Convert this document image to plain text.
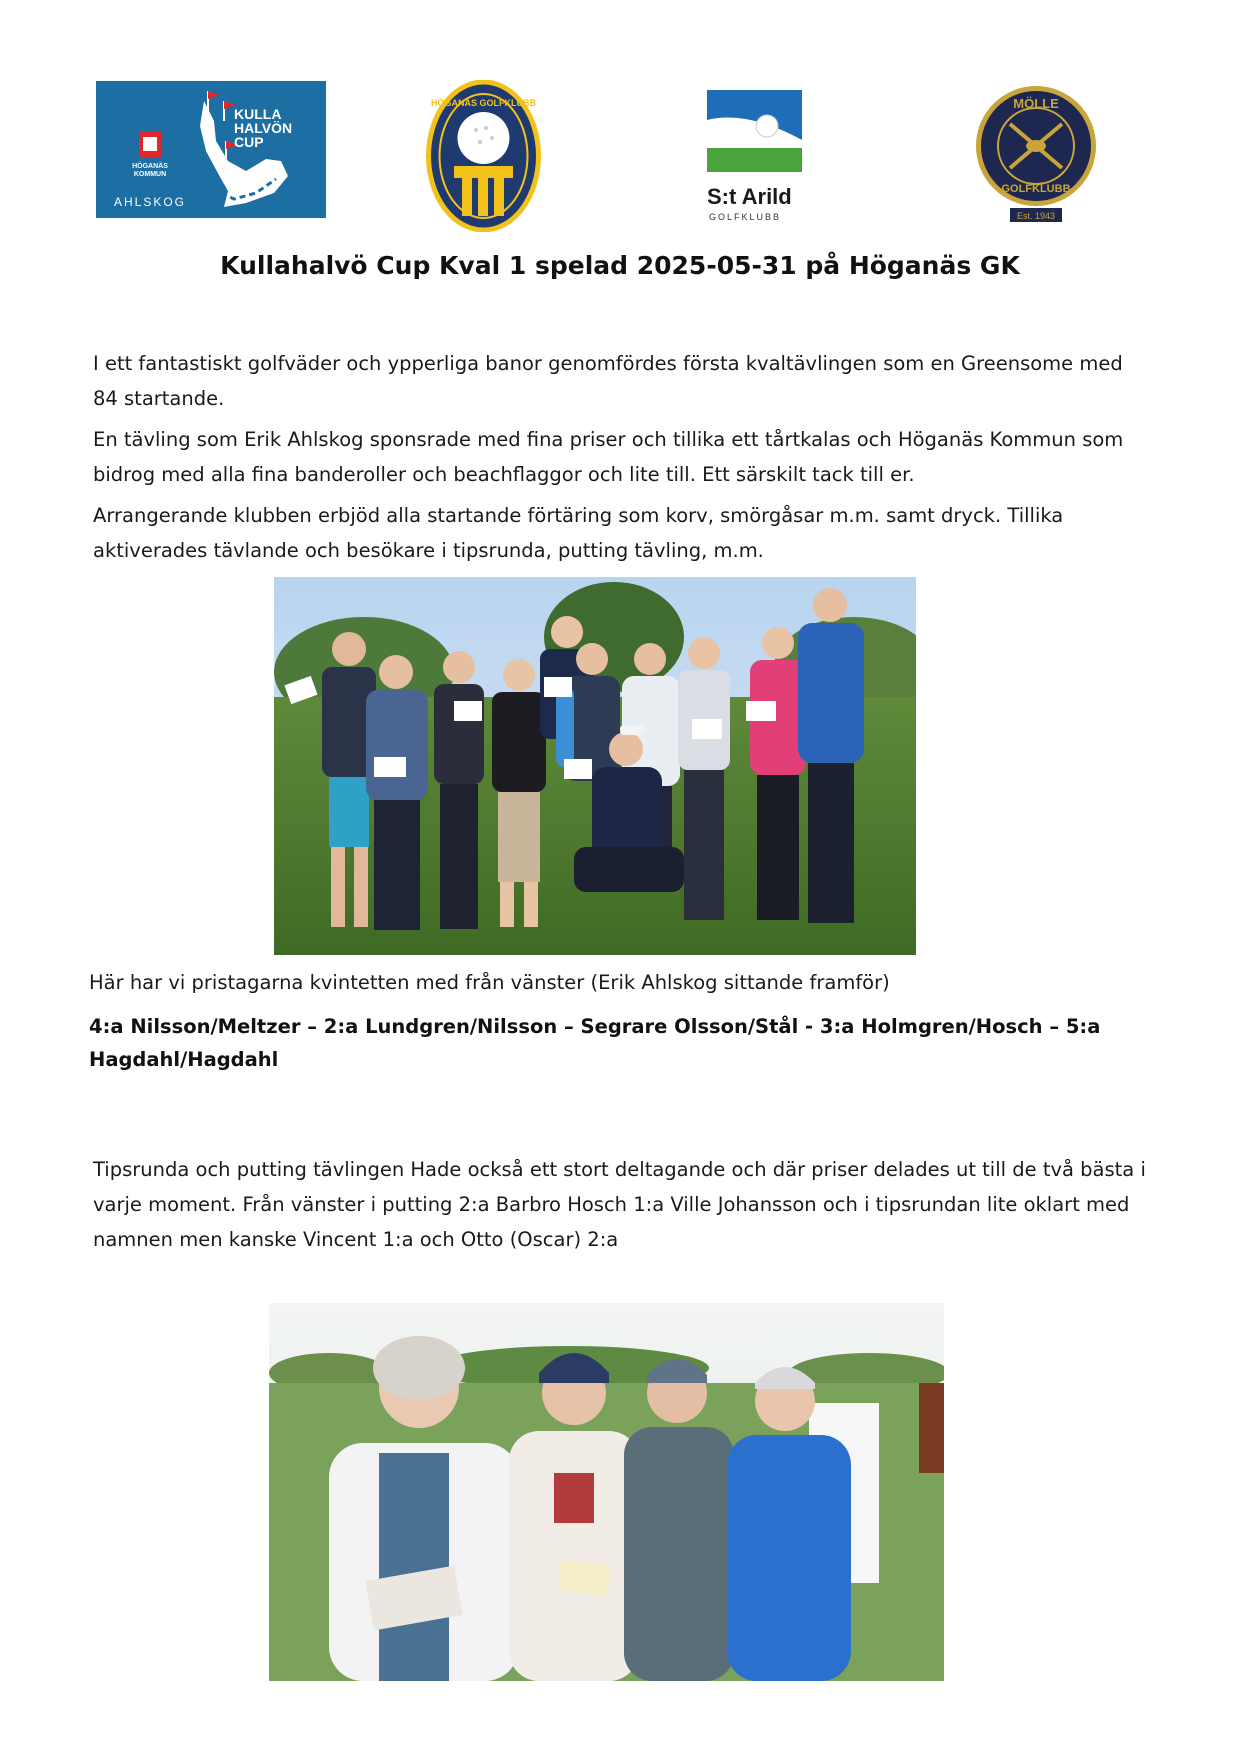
KULLA HALVÖN CUP
HÖGANÄS KOMMUN
AHLSKOG
HÖGANÄS GOLFKLUBB
S:t Arild
GOLFKLUBB
MÖLLE
GOLFKLUBB
Est. 1943
Kullahalvö Cup Kval 1 spelad 2025-05-31 på Höganäs GK

I ett fantastiskt golfväder och ypperliga banor genomfördes första kvaltävlingen som en Greensome med 84 startande.

En tävling som Erik Ahlskog sponsrade med fina priser och tillika ett tårtkalas och Höganäs Kommun som bidrog med alla fina banderoller och beachflaggor och lite till. Ett särskilt tack till er.

Arrangerande klubben erbjöd alla startande förtäring som korv, smörgåsar m.m. samt dryck. Tillika aktiverades tävlande och besökare i tipsrunda, putting tävling, m.m.

Här har vi pristagarna kvintetten med från vänster (Erik Ahlskog sittande framför)
4:a Nilsson/Meltzer – 2:a Lundgren/Nilsson – Segrare Olsson/Stål - 3:a Holmgren/Hosch – 5:a Hagdahl/Hagdahl

Tipsrunda och putting tävlingen Hade också ett stort deltagande och där priser delades ut till de två bästa i varje moment. Från vänster i putting 2:a Barbro Hosch 1:a Ville Johansson och i tipsrundan lite oklart med namnen men kanske Vincent 1:a och Otto (Oscar) 2:a
